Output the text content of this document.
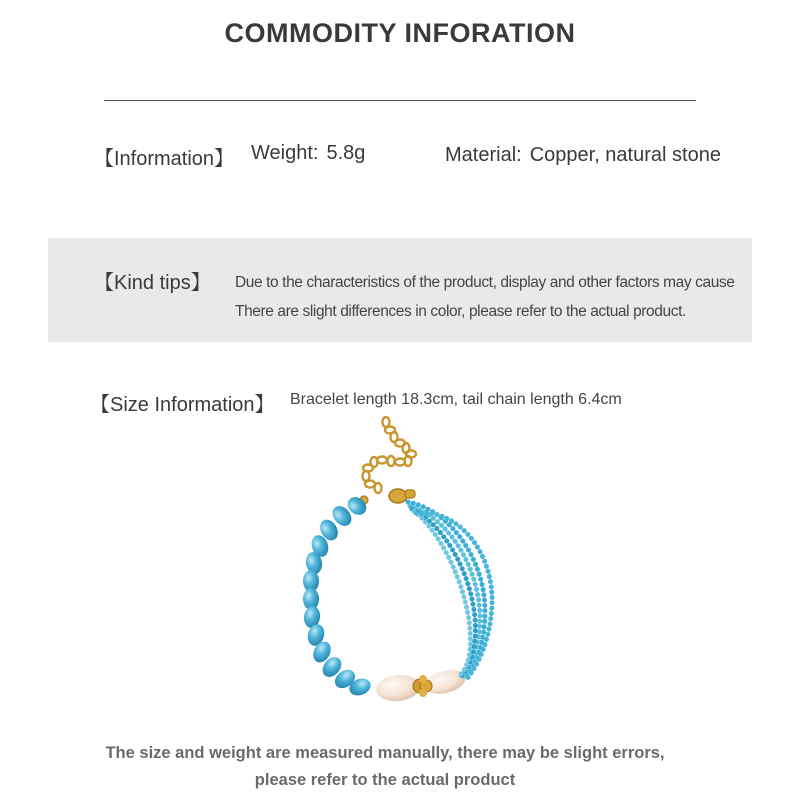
COMMODITY INFORATION
【Information】 Weight: 5.8g	Material: Copper, natural stone
【Kind tips】 Due to the characteristics of the product, display and other factors may cause
There are slight differences in color, please refer to the actual product.
【Size Information】 Bracelet length 18.3cm, tail chain length 6.4cm
The size and weight are measured manually, there may be slight errors,
please refer to the actual product
